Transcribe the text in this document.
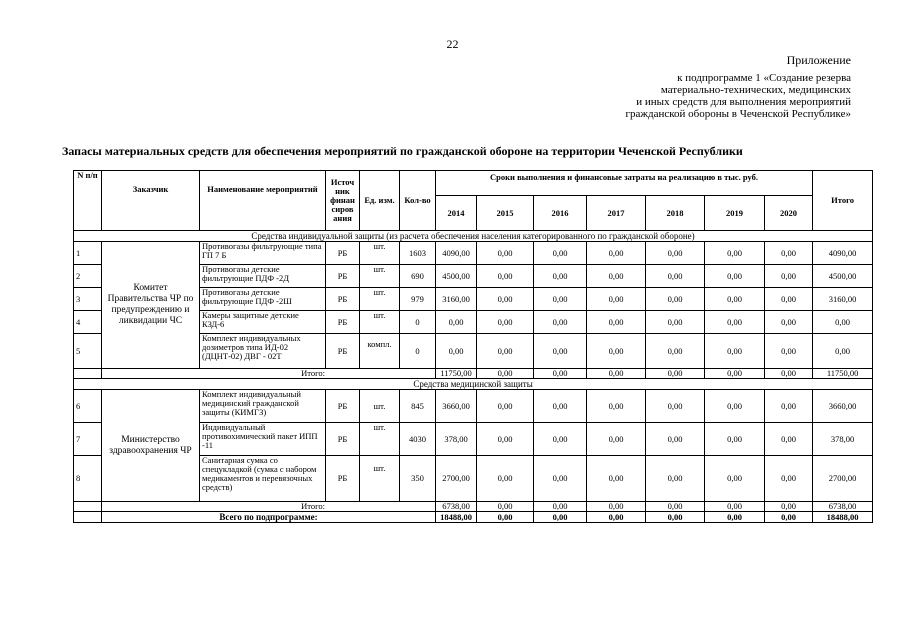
22
Приложение
к подпрограмме 1 «Создание резерва
материально-технических, медицинских
и иных средств для выполнения мероприятий
гражданской обороны в Чеченской Республике»
Запасы материальных средств для обеспечения мероприятий по гражданской обороне на территории Чеченской Республики
N п/п	Заказчик	Наименование мероприятий	Источ ник финан сиров ания	Ед. изм.	Кол-во	Сроки выполнения и финансовые затраты на реализацию в тыс. руб.							Итого
						2014	2015	2016	2017	2018	2019	2020	
Средства индивидуальной защиты (из расчета обеспечения населения категорированного по гражданской обороне)													
1	Комитет Правительства ЧР по предупреждению и ликвидации ЧС	Противогазы фильтрующие типа ГП 7 Б	РБ	шт.	1603	4090,00	0,00	0,00	0,00	0,00	0,00	0,00	4090,00
2		Противогазы детские фильтрующие ПДФ -2Д	РБ	шт.	690	4500,00	0,00	0,00	0,00	0,00	0,00	0,00	4500,00
3		Противогазы детские фильтрующие ПДФ -2Ш	РБ	шт.	979	3160,00	0,00	0,00	0,00	0,00	0,00	0,00	3160,00
4		Камеры защитные детские КЗД-6	РБ	шт.	0	0,00	0,00	0,00	0,00	0,00	0,00	0,00	0,00
5		Комплект индивидуальных дозиметров типа ИД-02 (ДЦНТ-02) ДВГ - 02Т	РБ	компл.	0	0,00	0,00	0,00	0,00	0,00	0,00	0,00	0,00
	Итого:					11750,00	0,00	0,00	0,00	0,00	0,00	0,00	11750,00
Средства медицинской защиты													
6	Министерство здравоохранения ЧР	Комплект индивидуальный медицинский гражданской защиты (КИМГЗ)	РБ	шт.	845	3660,00	0,00	0,00	0,00	0,00	0,00	0,00	3660,00
7		Индивидуальный противохимический пакет ИПП -11	РБ	шт.	4030	378,00	0,00	0,00	0,00	0,00	0,00	0,00	378,00
8		Санитарная сумка со спецукладкой (сумка с набором медикаментов и перевязочных средств)	РБ	шт.	350	2700,00	0,00	0,00	0,00	0,00	0,00	0,00	2700,00
	Итого:					6738,00	0,00	0,00	0,00	0,00	0,00	0,00	6738,00
	Всего по подпрограмме:					18488,00	0,00	0,00	0,00	0,00	0,00	0,00	18488,00
